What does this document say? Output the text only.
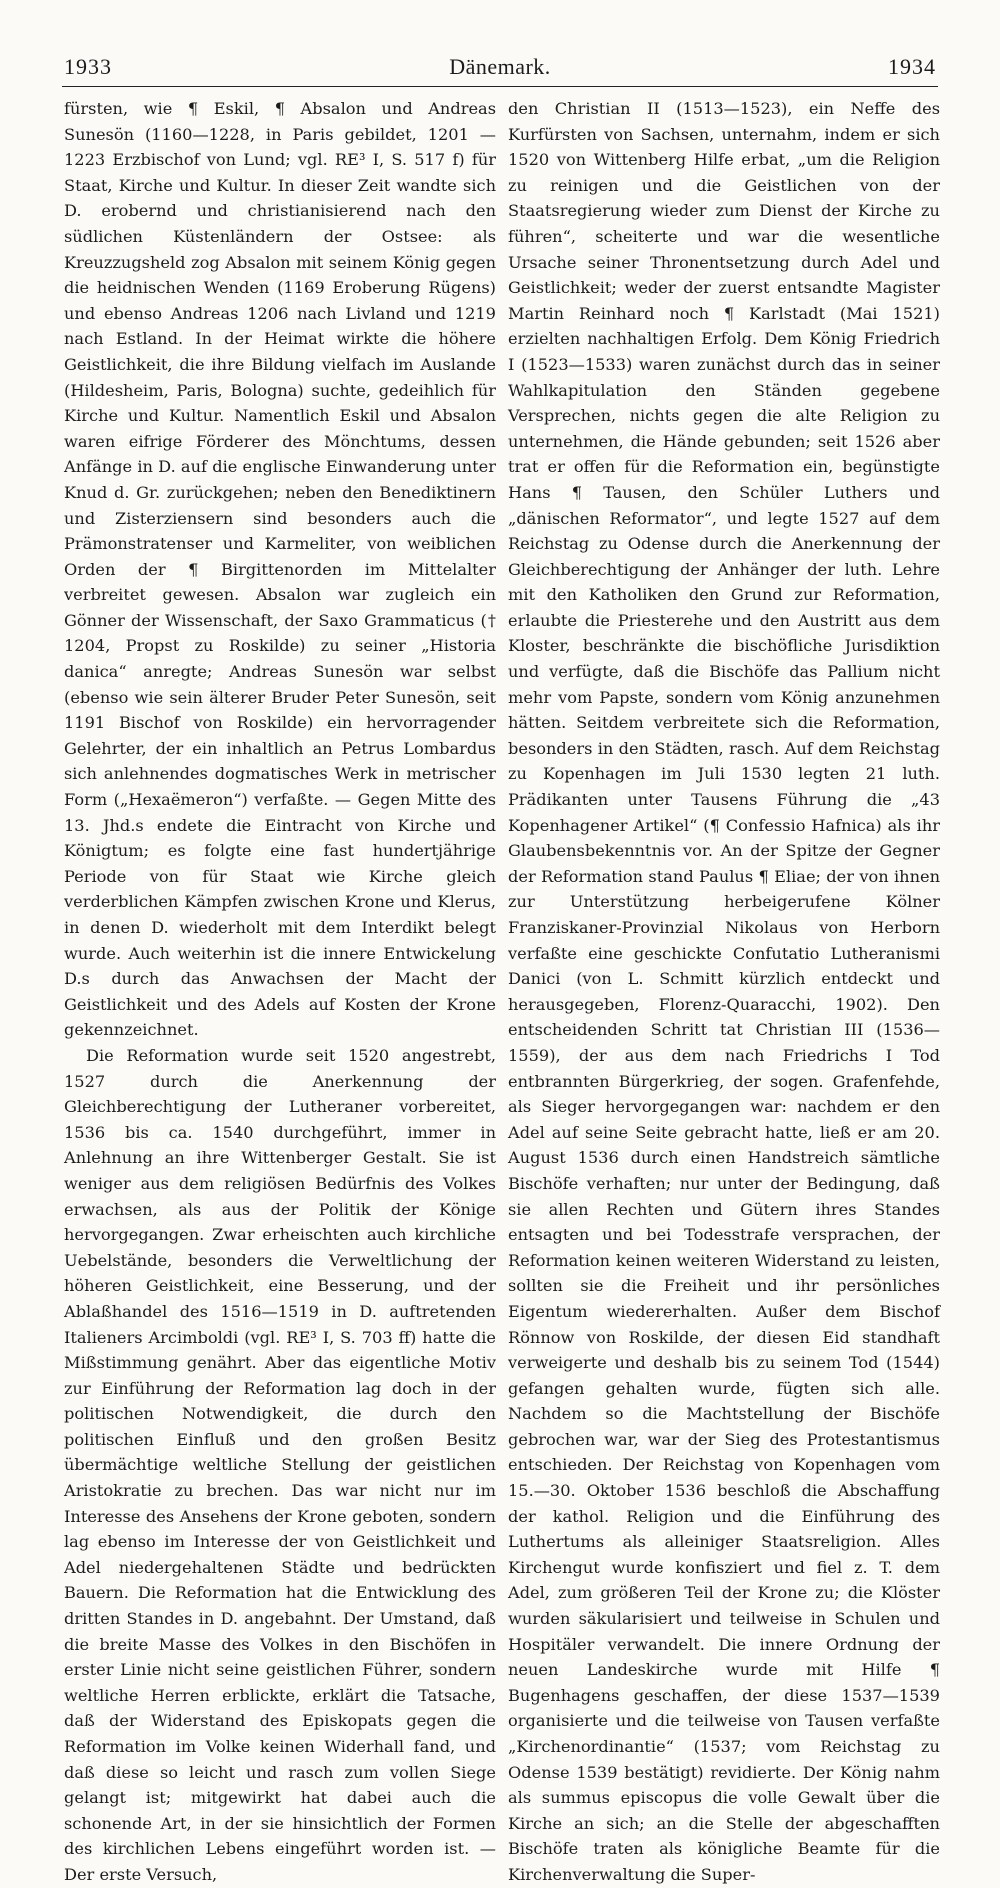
1933	Dänemark.	1934

fürsten, wie ¶ Eskil, ¶ Absalon und Andreas Sunesön (1160—1228, in Paris gebildet, 1201 —1223 Erzbischof von Lund; vgl. RE³ I, S. 517 f) für Staat, Kirche und Kultur. In dieser Zeit wandte sich D. erobernd und christianisierend nach den südlichen Küstenländern der Ostsee: als Kreuzzugsheld zog Absalon mit seinem König gegen die heidnischen Wenden (1169 Eroberung Rügens) und ebenso Andreas 1206 nach Livland und 1219 nach Estland. In der Heimat wirkte die höhere Geistlichkeit, die ihre Bildung vielfach im Auslande (Hildesheim, Paris, Bologna) suchte, gedeihlich für Kirche und Kultur. Namentlich Eskil und Absalon waren eifrige Förderer des Mönchtums, dessen Anfänge in D. auf die englische Einwanderung unter Knud d. Gr. zurückgehen; neben den Benediktinern und Zisterziensern sind besonders auch die Prämonstratenser und Karmeliter, von weiblichen Orden der ¶ Birgittenorden im Mittelalter verbreitet gewesen. Absalon war zugleich ein Gönner der Wissenschaft, der Saxo Grammaticus († 1204, Propst zu Roskilde) zu seiner „Historia danica“ anregte; Andreas Sunesön war selbst (ebenso wie sein älterer Bruder Peter Sunesön, seit 1191 Bischof von Roskilde) ein hervorragender Gelehrter, der ein inhaltlich an Petrus Lombardus sich anlehnendes dogmatisches Werk in metrischer Form („Hexaëmeron“) verfaßte. — Gegen Mitte des 13. Jhd.s endete die Eintracht von Kirche und Königtum; es folgte eine fast hundertjährige Periode von für Staat wie Kirche gleich verderblichen Kämpfen zwischen Krone und Klerus, in denen D. wiederholt mit dem Interdikt belegt wurde. Auch weiterhin ist die innere Entwickelung D.s durch das Anwachsen der Macht der Geistlichkeit und des Adels auf Kosten der Krone gekennzeichnet.

Die Reformation wurde seit 1520 angestrebt, 1527 durch die Anerkennung der Gleichberechtigung der Lutheraner vorbereitet, 1536 bis ca. 1540 durchgeführt, immer in Anlehnung an ihre Wittenberger Gestalt. Sie ist weniger aus dem religiösen Bedürfnis des Volkes erwachsen, als aus der Politik der Könige hervorgegangen. Zwar erheischten auch kirchliche Uebelstände, besonders die Verweltlichung der höheren Geistlichkeit, eine Besserung, und der Ablaßhandel des 1516—1519 in D. auftretenden Italieners Arcimboldi (vgl. RE³ I, S. 703 ff) hatte die Mißstimmung genährt. Aber das eigentliche Motiv zur Einführung der Reformation lag doch in der politischen Notwendigkeit, die durch den politischen Einfluß und den großen Besitz übermächtige weltliche Stellung der geistlichen Aristokratie zu brechen. Das war nicht nur im Interesse des Ansehens der Krone geboten, sondern lag ebenso im Interesse der von Geistlichkeit und Adel niedergehaltenen Städte und bedrückten Bauern. Die Reformation hat die Entwicklung des dritten Standes in D. angebahnt. Der Umstand, daß die breite Masse des Volkes in den Bischöfen in erster Linie nicht seine geistlichen Führer, sondern weltliche Herren erblickte, erklärt die Tatsache, daß der Widerstand des Episkopats gegen die Reformation im Volke keinen Widerhall fand, und daß diese so leicht und rasch zum vollen Siege gelangt ist; mitgewirkt hat dabei auch die schonende Art, in der sie hinsichtlich der Formen des kirchlichen Lebens eingeführt worden ist. — Der erste Versuch,

den Christian II (1513—1523), ein Neffe des Kurfürsten von Sachsen, unternahm, indem er sich 1520 von Wittenberg Hilfe erbat, „um die Religion zu reinigen und die Geistlichen von der Staatsregierung wieder zum Dienst der Kirche zu führen“, scheiterte und war die wesentliche Ursache seiner Thronentsetzung durch Adel und Geistlichkeit; weder der zuerst entsandte Magister Martin Reinhard noch ¶ Karlstadt (Mai 1521) erzielten nachhaltigen Erfolg. Dem König Friedrich I (1523—1533) waren zunächst durch das in seiner Wahlkapitulation den Ständen gegebene Versprechen, nichts gegen die alte Religion zu unternehmen, die Hände gebunden; seit 1526 aber trat er offen für die Reformation ein, begünstigte Hans ¶ Tausen, den Schüler Luthers und „dänischen Reformator“, und legte 1527 auf dem Reichstag zu Odense durch die Anerkennung der Gleichberechtigung der Anhänger der luth. Lehre mit den Katholiken den Grund zur Reformation, erlaubte die Priesterehe und den Austritt aus dem Kloster, beschränkte die bischöfliche Jurisdiktion und verfügte, daß die Bischöfe das Pallium nicht mehr vom Papste, sondern vom König anzunehmen hätten. Seitdem verbreitete sich die Reformation, besonders in den Städten, rasch. Auf dem Reichstag zu Kopenhagen im Juli 1530 legten 21 luth. Prädikanten unter Tausens Führung die „43 Kopenhagener Artikel“ (¶ Confessio Hafnica) als ihr Glaubensbekenntnis vor. An der Spitze der Gegner der Reformation stand Paulus ¶ Eliae; der von ihnen zur Unterstützung herbeigerufene Kölner Franziskaner-Provinzial Nikolaus von Herborn verfaßte eine geschickte Confutatio Lutheranismi Danici (von L. Schmitt kürzlich entdeckt und herausgegeben, Florenz-Quaracchi, 1902). Den entscheidenden Schritt tat Christian III (1536—1559), der aus dem nach Friedrichs I Tod entbrannten Bürgerkrieg, der sogen. Grafenfehde, als Sieger hervorgegangen war: nachdem er den Adel auf seine Seite gebracht hatte, ließ er am 20. August 1536 durch einen Handstreich sämtliche Bischöfe verhaften; nur unter der Bedingung, daß sie allen Rechten und Gütern ihres Standes entsagten und bei Todesstrafe versprachen, der Reformation keinen weiteren Widerstand zu leisten, sollten sie die Freiheit und ihr persönliches Eigentum wiedererhalten. Außer dem Bischof Rönnow von Roskilde, der diesen Eid standhaft verweigerte und deshalb bis zu seinem Tod (1544) gefangen gehalten wurde, fügten sich alle. Nachdem so die Machtstellung der Bischöfe gebrochen war, war der Sieg des Protestantismus entschieden. Der Reichstag von Kopenhagen vom 15.—30. Oktober 1536 beschloß die Abschaffung der kathol. Religion und die Einführung des Luthertums als alleiniger Staatsreligion. Alles Kirchengut wurde konfisziert und fiel z. T. dem Adel, zum größeren Teil der Krone zu; die Klöster wurden säkularisiert und teilweise in Schulen und Hospitäler verwandelt. Die innere Ordnung der neuen Landeskirche wurde mit Hilfe ¶ Bugenhagens geschaffen, der diese 1537—1539 organisierte und die teilweise von Tausen verfaßte „Kirchenordinantie“ (1537; vom Reichstag zu Odense 1539 bestätigt) revidierte. Der König nahm als summus episcopus die volle Gewalt über die Kirche an sich; an die Stelle der abgeschafften Bischöfe traten als königliche Beamte für die Kirchenverwaltung die Super-
